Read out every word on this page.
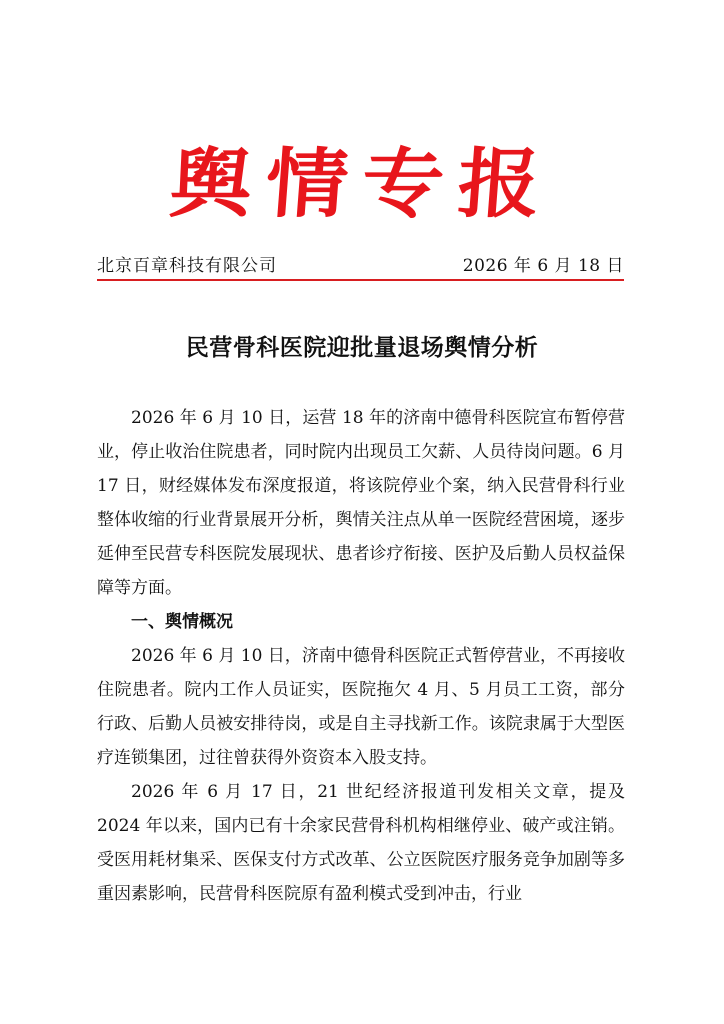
舆情专报
北京百章科技有限公司	2026 年 6 月 18 日
民营骨科医院迎批量退场舆情分析

2026 年 6 月 10 日，运营 18 年的济南中德骨科医院宣布暂停营业，停止收治住院患者，同时院内出现员工欠薪、人员待岗问题。6 月 17 日，财经媒体发布深度报道，将该院停业个案，纳入民营骨科行业整体收缩的行业背景展开分析，舆情关注点从单一医院经营困境，逐步延伸至民营专科医院发展现状、患者诊疗衔接、医护及后勤人员权益保障等方面。

一、舆情概况

2026 年 6 月 10 日，济南中德骨科医院正式暂停营业，不再接收住院患者。院内工作人员证实，医院拖欠 4 月、5 月员工工资，部分行政、后勤人员被安排待岗，或是自主寻找新工作。该院隶属于大型医疗连锁集团，过往曾获得外资资本入股支持。

2026 年 6 月 17 日，21 世纪经济报道刊发相关文章，提及 2024 年以来，国内已有十余家民营骨科机构相继停业、破产或注销。受医用耗材集采、医保支付方式改革、公立医院医疗服务竞争加剧等多重因素影响，民营骨科医院原有盈利模式受到冲击，行业
